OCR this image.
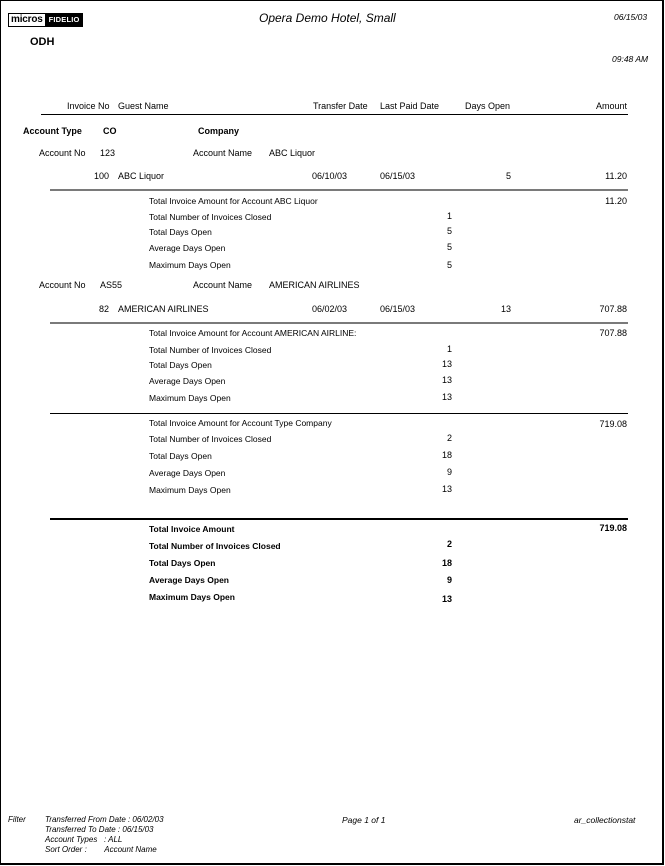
micros FIDELIO
ODH
Opera Demo Hotel, Small	06/15/03
09:48 AM
Invoice No Guest Name	Transfer Date Last Paid Date	Days Open	Amount
Account Type CO	Company
Account No 123	Account Name ABC Liquor
100 ABC Liquor	06/10/03	06/15/03	5	11.20
Total Invoice Amount for Account ABC Liquor	11.20
Total Number of Invoices Closed	1
Total Days Open	5
Average Days Open	5
Maximum Days Open	5
Account No AS55	Account Name AMERICAN AIRLINES
82 AMERICAN AIRLINES	06/02/03	06/15/03	13	707.88
Total Invoice Amount for Account AMERICAN AIRLINE:	707.88
Total Number of Invoices Closed	1
Total Days Open	13
Average Days Open	13
Maximum Days Open	13
Total Invoice Amount for Account Type Company	719.08
Total Number of Invoices Closed	2
Total Days Open	18
Average Days Open	9
Maximum Days Open	13
Total Invoice Amount	719.08
Total Number of Invoices Closed	2
Total Days Open	18
Average Days Open	9
Maximum Days Open	13
Filter Transferred From Date : 06/02/03
Transferred To Date : 06/15/03
Account Types   : ALL
Sort Order :        Account Name
Page 1 of 1	ar_collectionstat
